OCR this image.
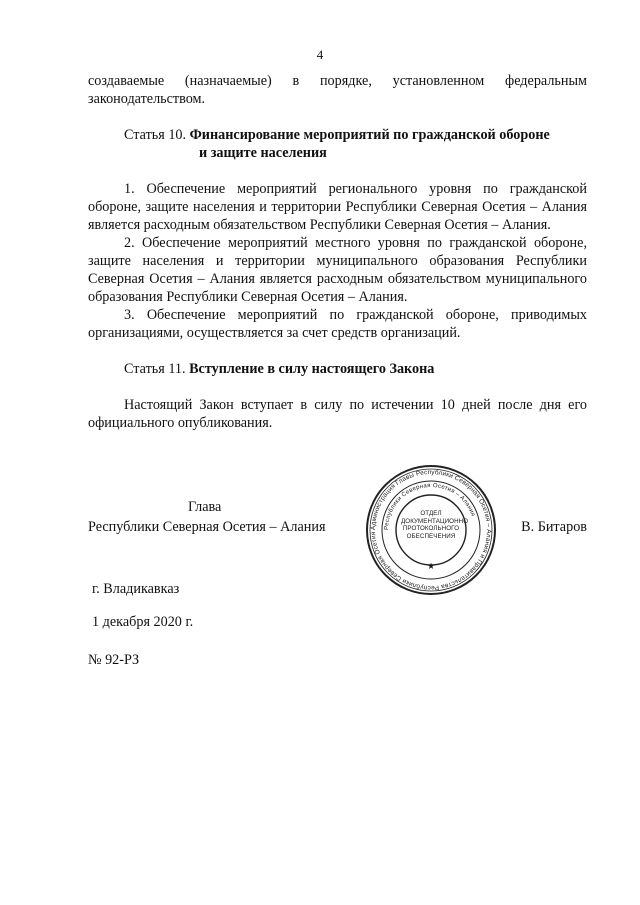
4

создаваемые (назначаемые) в порядке, установленном федеральным законодательством.

Статья 10. Финансирование мероприятий по гражданской обороне
и защите населения

1. Обеспечение мероприятий регионального уровня по гражданской обороне, защите населения и территории Республики Северная Осетия – Алания является расходным обязательством Республики Северная Осетия – Алания.

2. Обеспечение мероприятий местного уровня по гражданской обороне, защите населения и территории муниципального образования Республики Северная Осетия – Алания является расходным обязательством муниципального образования Республики Северная Осетия – Алания.

3. Обеспечение мероприятий по гражданской обороне, приводимых организациями, осуществляется за счет средств организаций.

Статья 11. Вступление в силу настоящего Закона

Настоящий Закон вступает в силу по истечении 10 дней после дня его официального опубликования.

Глава
Республики Северная Осетия – Алания	В. Битаров
Администрация Главы Республики Северная Осетия – Алания и Правительства Республики Северная Осетия
Республики Северная Осетия – Алания
★
ОТДЕЛ ДОКУМЕНТАЦИОННО ПРОТОКОЛЬНОГО ОБЕСПЕЧЕНИЯ
г. Владикавказ
1 декабря 2020 г.
№ 92-РЗ
